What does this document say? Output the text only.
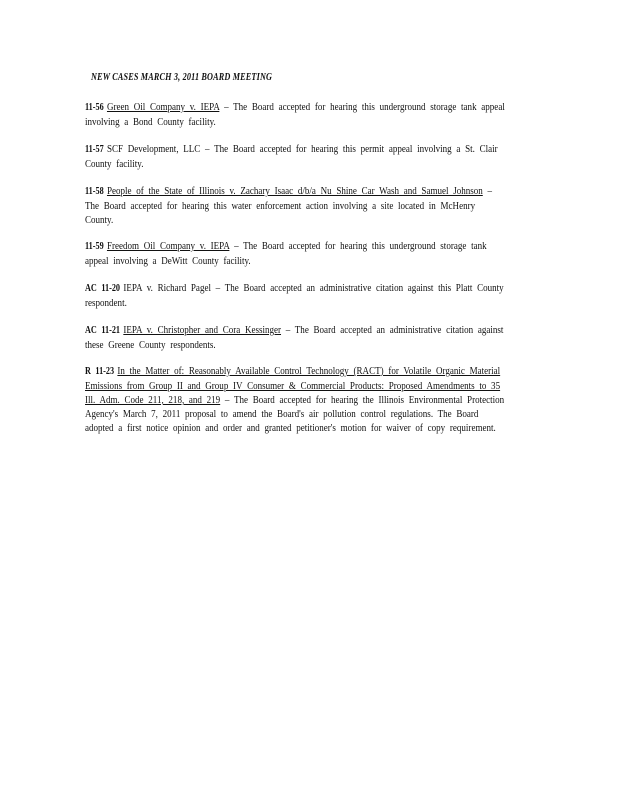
NEW CASES MARCH 3, 2011 BOARD MEETING
11-56 Green Oil Company v. IEPA – The Board accepted for hearing this underground storage tank appeal involving a Bond County facility.
11-57 SCF Development, LLC – The Board accepted for hearing this permit appeal involving a St. Clair County facility.
11-58 People of the State of Illinois v. Zachary Isaac d/b/a Nu Shine Car Wash and Samuel Johnson – The Board accepted for hearing this water enforcement action involving a site located in McHenry County.
11-59 Freedom Oil Company v. IEPA – The Board accepted for hearing this underground storage tank appeal involving a DeWitt County facility.
AC 11-20 IEPA v. Richard Pagel – The Board accepted an administrative citation against this Platt County respondent.
AC 11-21 IEPA v. Christopher and Cora Kessinger – The Board accepted an administrative citation against these Greene County respondents.
R 11-23 In the Matter of: Reasonably Available Control Technology (RACT) for Volatile Organic Material Emissions from Group II and Group IV Consumer & Commercial Products: Proposed Amendments to 35 Ill. Adm. Code 211, 218, and 219 – The Board accepted for hearing the Illinois Environmental Protection Agency's March 7, 2011 proposal to amend the Board's air pollution control regulations. The Board adopted a first notice opinion and order and granted petitioner's motion for waiver of copy requirement.
